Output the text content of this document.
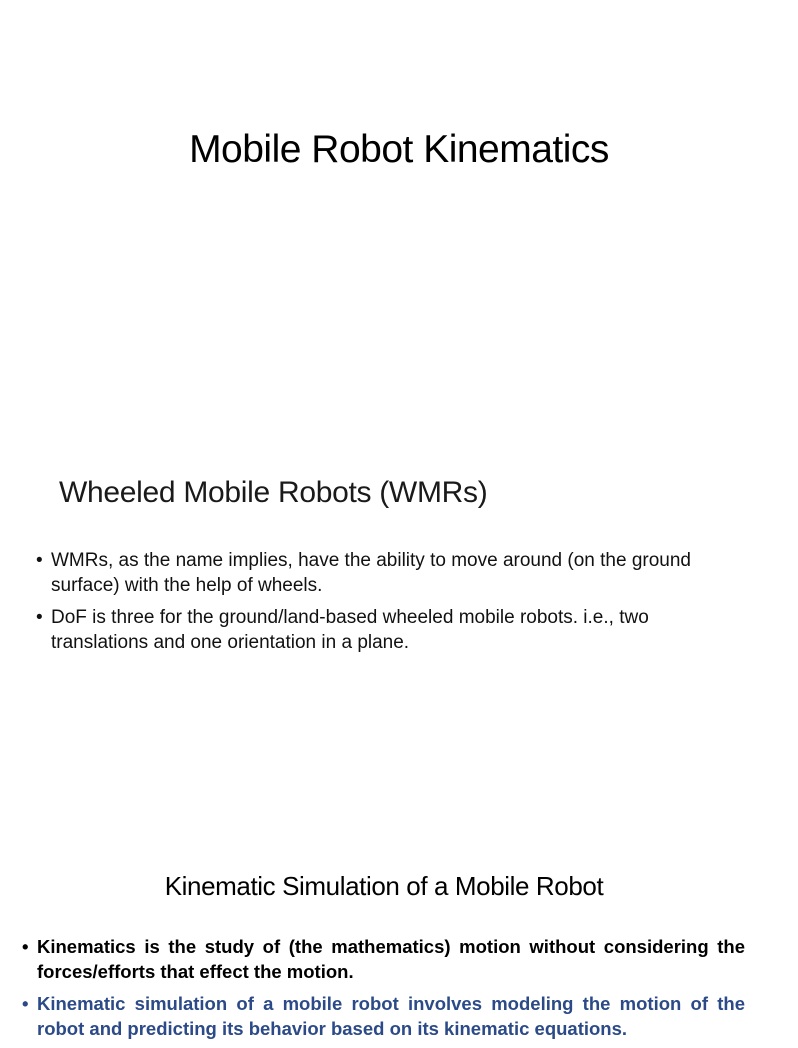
Mobile Robot Kinematics
Wheeled Mobile Robots (WMRs)
• WMRs, as the name implies, have the ability to move around (on the ground surface) with the help of wheels.
• DoF is three for the ground/land-based wheeled mobile robots. i.e., two translations and one orientation in a plane.
Kinematic Simulation of a Mobile Robot
• Kinematics is the study of (the mathematics) motion without considering the forces/efforts that effect the motion.
• Kinematic simulation of a mobile robot involves modeling the motion of the robot and predicting its behavior based on its kinematic equations.
